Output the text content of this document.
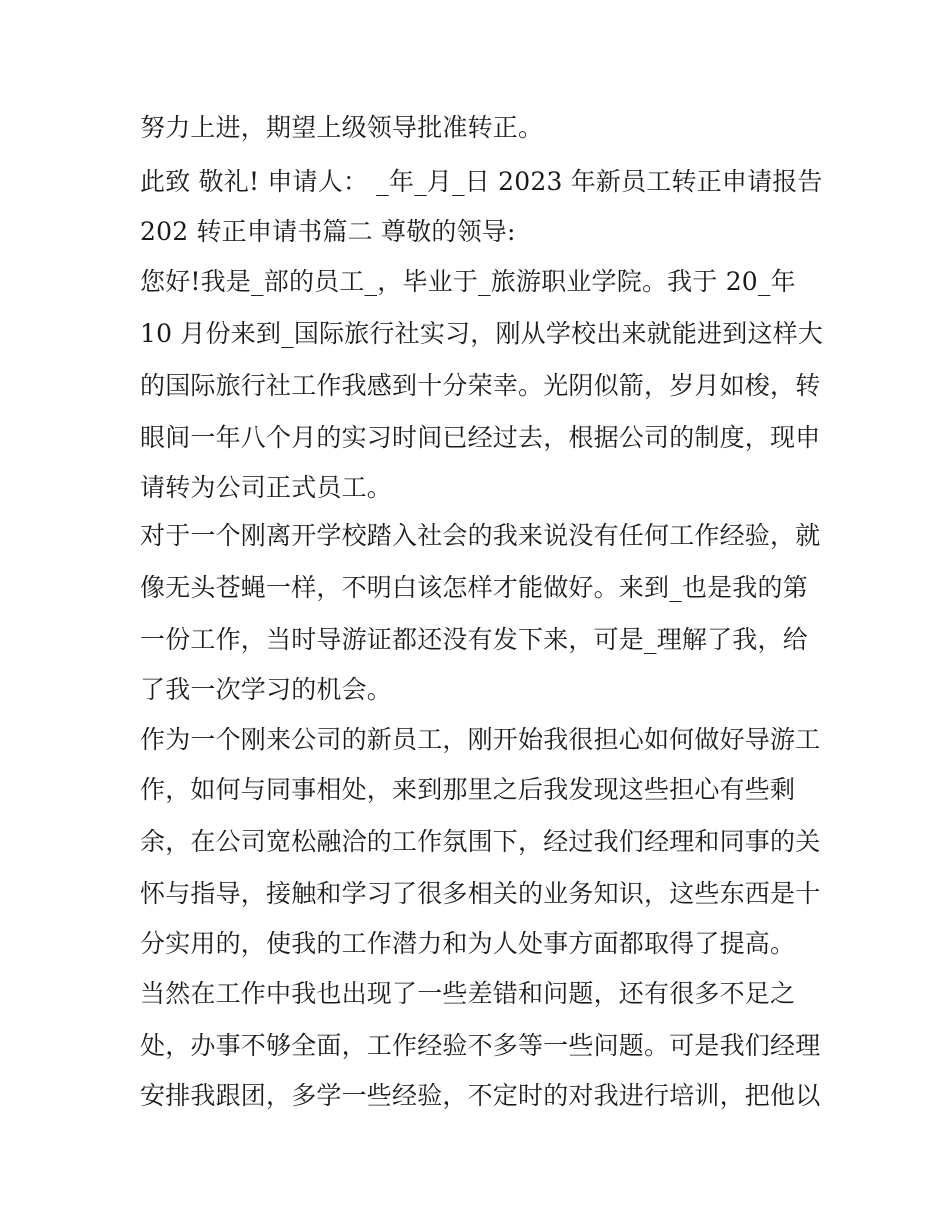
努力上进，期望上级领导批准转正。
此致 敬礼! 申请人： _年_月_日 2023 年新员工转正申请报告
202 转正申请书篇二 尊敬的领导:
您好!我是_部的员工_，毕业于_旅游职业学院。我于 20_年
10 月份来到_国际旅行社实习，刚从学校出来就能进到这样大
的国际旅行社工作我感到十分荣幸。光阴似箭，岁月如梭，转
眼间一年八个月的实习时间已经过去，根据公司的制度，现申
请转为公司正式员工。
对于一个刚离开学校踏入社会的我来说没有任何工作经验，就
像无头苍蝇一样，不明白该怎样才能做好。来到_也是我的第
一份工作，当时导游证都还没有发下来，可是_理解了我，给
了我一次学习的机会。
作为一个刚来公司的新员工，刚开始我很担心如何做好导游工
作，如何与同事相处，来到那里之后我发现这些担心有些剩
余，在公司宽松融洽的工作氛围下，经过我们经理和同事的关
怀与指导，接触和学习了很多相关的业务知识，这些东西是十
分实用的，使我的工作潜力和为人处事方面都取得了提高。
当然在工作中我也出现了一些差错和问题，还有很多不足之
处，办事不够全面，工作经验不多等一些问题。可是我们经理
安排我跟团，多学一些经验，不定时的对我进行培训，把他以
